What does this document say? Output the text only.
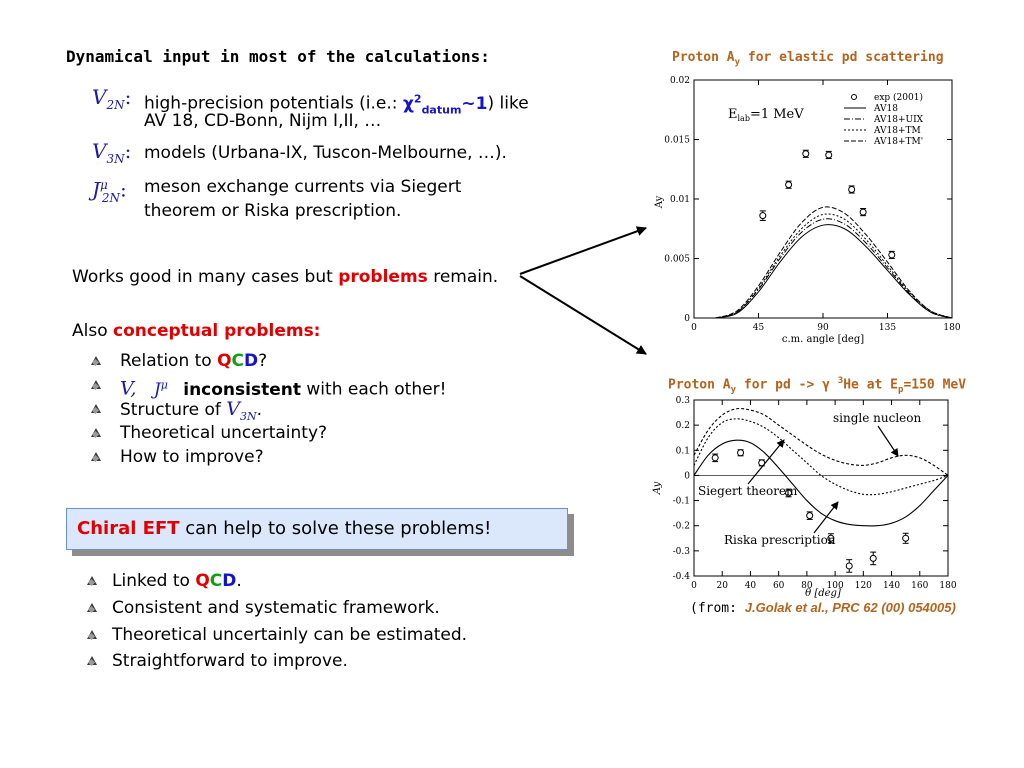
Dynamical input in most of the calculations:
$V_{2N}$: high-precision potentials (i.e.: $\chi^2_{datum}\sim 1$) like
AV 18, CD-Bonn, Nijm I,II, …
$V_{3N}$: models (Urbana-IX, Tuscon-Melbourne, …).
$J^\mu_{2N}$: meson exchange currents via Siegert
theorem or Riska prescription.
Works good in many cases but problems remain.
Also conceptual problems:
Relation to QCD?
V, $J^\mu$ inconsistent with each other!
Structure of $V_{3N}$.
Theoretical uncertainty?
How to improve?
Chiral EFT can help to solve these problems!
Linked to QCD.
Consistent and systematic framework.
Theoretical uncertainly can be estimated.
Straightforward to improve.
Proton $A_y$ for elastic pd scattering
0	45	90	135	180
0
0.005
0.01
0.015
0.02
$E_{lab}=1$ MeV
exp (2001)
AV18
AV18+UIX
AV18+TM
AV18+TM'
c.m. angle [deg]
Ay
Proton $A_y$ for pd -> γ $^3$He at $E_p=150$ MeV
0 20 40 60 80 100 120 140 160 180
-0.4
-0.3
-0.2
-0.1
0
0.1
0.2
0.3
single nucleon
Siegert theorem
Riska prescription
θ [deg]
Ay
(from: J.Golak et al., PRC 62 (00) 054005)
